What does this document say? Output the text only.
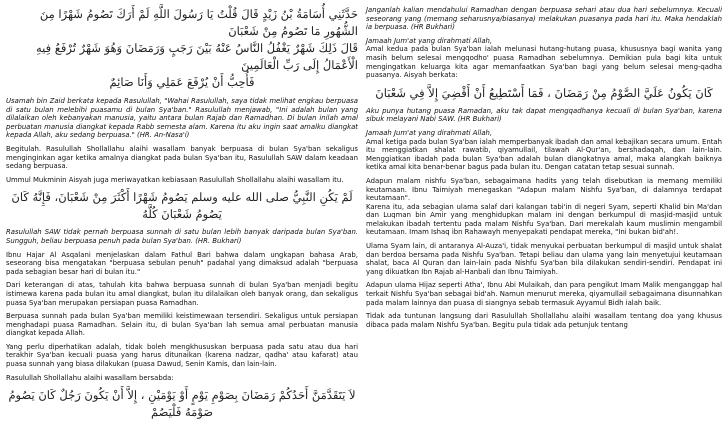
حَدَّثَنِي أُسَامَةُ بْنُ زَيْدٍ قَالَ قُلْتُ يَا رَسُولَ اللَّهِ لَمْ أَرَكَ تَصُومُ شَهْرًا مِنَ الشُّهُورِ مَا تَصُومُ مِنْ شَعْبَانَ

قَالَ ذَلِكَ شَهْرٌ يَغْفُلُ النَّاسُ عَنْهُ بَيْنَ رَجَبٍ وَرَمَضَانَ وَهُوَ شَهْرٌ تُرْفَعُ فِيهِ الْأَعْمَالُ إِلَى رَبِّ الْعَالَمِينَ

فَأُحِبُّ أَنْ يُرْفَعَ عَمَلِي وَأَنَا صَائِمٌ

Usamah bin Zaid berkata kepada Rasulullah, "Wahai Rasulullah, saya tidak melihat engkau berpuasa di satu bulan melebihi puasamu di bulan Sya'ban." Rasulullah menjawab, "Ini adalah bulan yang dilalaikan oleh kebanyakan manusia, yaitu antara bulan Rajab dan Ramadhan. Di bulan inilah amal perbuatan manusia diangkat kepada Rabb semesta alam. Karena itu aku ingin saat amalku diangkat kepada Allah, aku sedang berpuasa." (HR. An-Nasa'i)

Begitulah. Rasulullah Shollallahu alaihi wasallam banyak berpuasa di bulan Sya'ban sekaligus menginginkan agar ketika amalnya diangkat pada bulan Sya'ban itu, Rasulullah SAW dalam keadaan sedang berpuasa.

Ummul Mukminin Aisyah juga meriwayatkan kebiasaan Rasulullah Shollallahu alaihi wasallam itu.

لَمْ يَكُنِ النَّبِيُّ صلى الله عليه وسلم يَصُومُ شَهْرًا أَكْثَرَ مِنْ شَعْبَانَ، فَإِنَّهُ كَانَ يَصُومُ شَعْبَانَ كُلَّهُ

Rasulullah SAW tidak pernah berpuasa sunnah di satu bulan lebih banyak daripada bulan Sya'ban. Sungguh, beliau berpuasa penuh pada bulan Sya'ban. (HR. Bukhari)

Ibnu Hajar Al Asqalani menjelaskan dalam Fathul Bari bahwa dalam ungkapan bahasa Arab, seseorang bisa mengatakan "berpuasa sebulan penuh" padahal yang dimaksud adalah "berpuasa pada sebagian besar hari di bulan itu."

Dari keterangan di atas, tahulah kita bahwa berpuasa sunnah di bulan Sya'ban menjadi begitu istimewa karena pada bulan itu amal diangkat, bulan itu dilalaikan oleh banyak orang, dan sekaligus puasa Sya'ban merupakan persiapan puasa Ramadhan.

Berpuasa sunnah pada bulan Sya'ban memiliki keistimewaan tersendiri. Sekaligus untuk persiapan menghadapi puasa Ramadhan. Selain itu, di bulan Sya'ban lah semua amal perbuatan manusia diangkat kepada Allah.

Yang perlu diperhatikan adalah, tidak boleh mengkhususkan berpuasa pada satu atau dua hari terakhir Sya'ban kecuali puasa yang harus ditunaikan (karena nadzar, qadha' atau kafarat) atau puasa sunnah yang biasa dilakukan (puasa Dawud, Senin Kamis, dan lain-lain.

Rasulullah Shollallahu alaihi wasallam bersabda:

لاَ يَتَقَدَّمَنَّ أَحَدُكُمْ رَمَضَانَ بِصَوْمِ يَوْمٍ أَوْ يَوْمَيْنِ ، إِلاَّ أَنْ يَكُونَ رَجُلٌ كَانَ يَصُومُ صَوْمَهُ فَلْيَصُمْ

Janganlah kalian mendahului Ramadhan dengan berpuasa sehari atau dua hari sebelumnya. Kecuali seseorang yang (memang seharusnya/biasanya) melakukan puasanya pada hari itu. Maka hendaklah ia berpuasa. (HR Bukhari)

Jamaah Jum'at yang dirahmati Allah,

Amal kedua pada bulan Sya'ban ialah melunasi hutang-hutang puasa, khususnya bagi wanita yang masih belum selesai mengqodho' puasa Ramadhan sebelumnya. Demikian pula bagi kita untuk mengingatkan keluarga kita agar memanfaatkan Sya'ban bagi yang belum selesai meng-qadha puasanya. Aisyah berkata:

كَانَ يَكُونُ عَلَيَّ الصَّوْمُ مِنْ رَمَضَانَ ، فَمَا أَسْتَطِيعُ أَنْ أَقْضِيَ إِلاَّ فِي شَعْبَانَ

Aku punya hutang puasa Ramadan, aku tak dapat mengqadhanya kecuali di bulan Sya'ban, karena sibuk melayani Nabi SAW. (HR Bukhari)

Jamaah Jum'at yang dirahmati Allah,

Amal ketiga pada bulan Sya'ban ialah memperbanyak ibadah dan amal kebajikan secara umum. Entah itu menggiatkan shalat rawatib, qiyamullail, tilawah Al-Qur'an, bershadaqah, dan lain-lain. Menggiatkan ibadah pada bulan Sya'ban adalah bulan diangkatnya amal, maka alangkah baiknya ketika amal kita benar-benar bagus pada bulan itu. Dengan catatan tetap sesuai sunnah.

Adapun malam nishfu Sya'ban, sebagaimana hadits yang telah disebutkan ia memang memiliki keutamaan. Ibnu Taimiyah menegaskan "Adapun malam Nishfu Sya'ban, di dalamnya terdapat keutamaan".

Karena itu, ada sebagian ulama salaf dari kalangan tabi'in di negeri Syam, seperti Khalid bin Ma'dan dan Luqman bin Amir yang menghidupkan malam ini dengan berkumpul di masjid-masjid untuk melakukan ibadah tertentu pada malam Nishfu Sya'ban. Dari merekalah kaum muslimin mengambil keutamaan. Imam Ishaq ibn Rahawayh menyepakati pendapat mereka, "Ini bukan bid'ah!.

Ulama Syam lain, di antaranya Al-Auza'i, tidak menyukai perbuatan berkumpul di masjid untuk shalat dan berdoa bersama pada Nishfu Sya'ban. Tetapi beliau dan ulama yang lain menyetujui keutamaan shalat, baca Al Quran dan lain-lain pada Nishfu Sya'ban bila dilakukan sendiri-sendiri. Pendapat ini yang dikuatkan Ibn Rajab al-Hanbali dan Ibnu Taimiyah.

Adapun ulama Hijaz seperti Atha', Ibnu Abi Mulaikah, dan para pengikut Imam Malik menganggap hal terkait Nishfu Sya'ban sebagai bid'ah. Namun menurut mereka, qiyamullail sebagaimana disunnahkan pada malam lainnya dan puasa di siangnya sebab termasuk Ayyamul Bidh ialah baik.

Tidak ada tuntunan langsung dari Rasulullah Shollallahu alaihi wasallam tentang doa yang khusus dibaca pada malam Nishfu Sya'ban. Begitu pula tidak ada petunjuk tentang
